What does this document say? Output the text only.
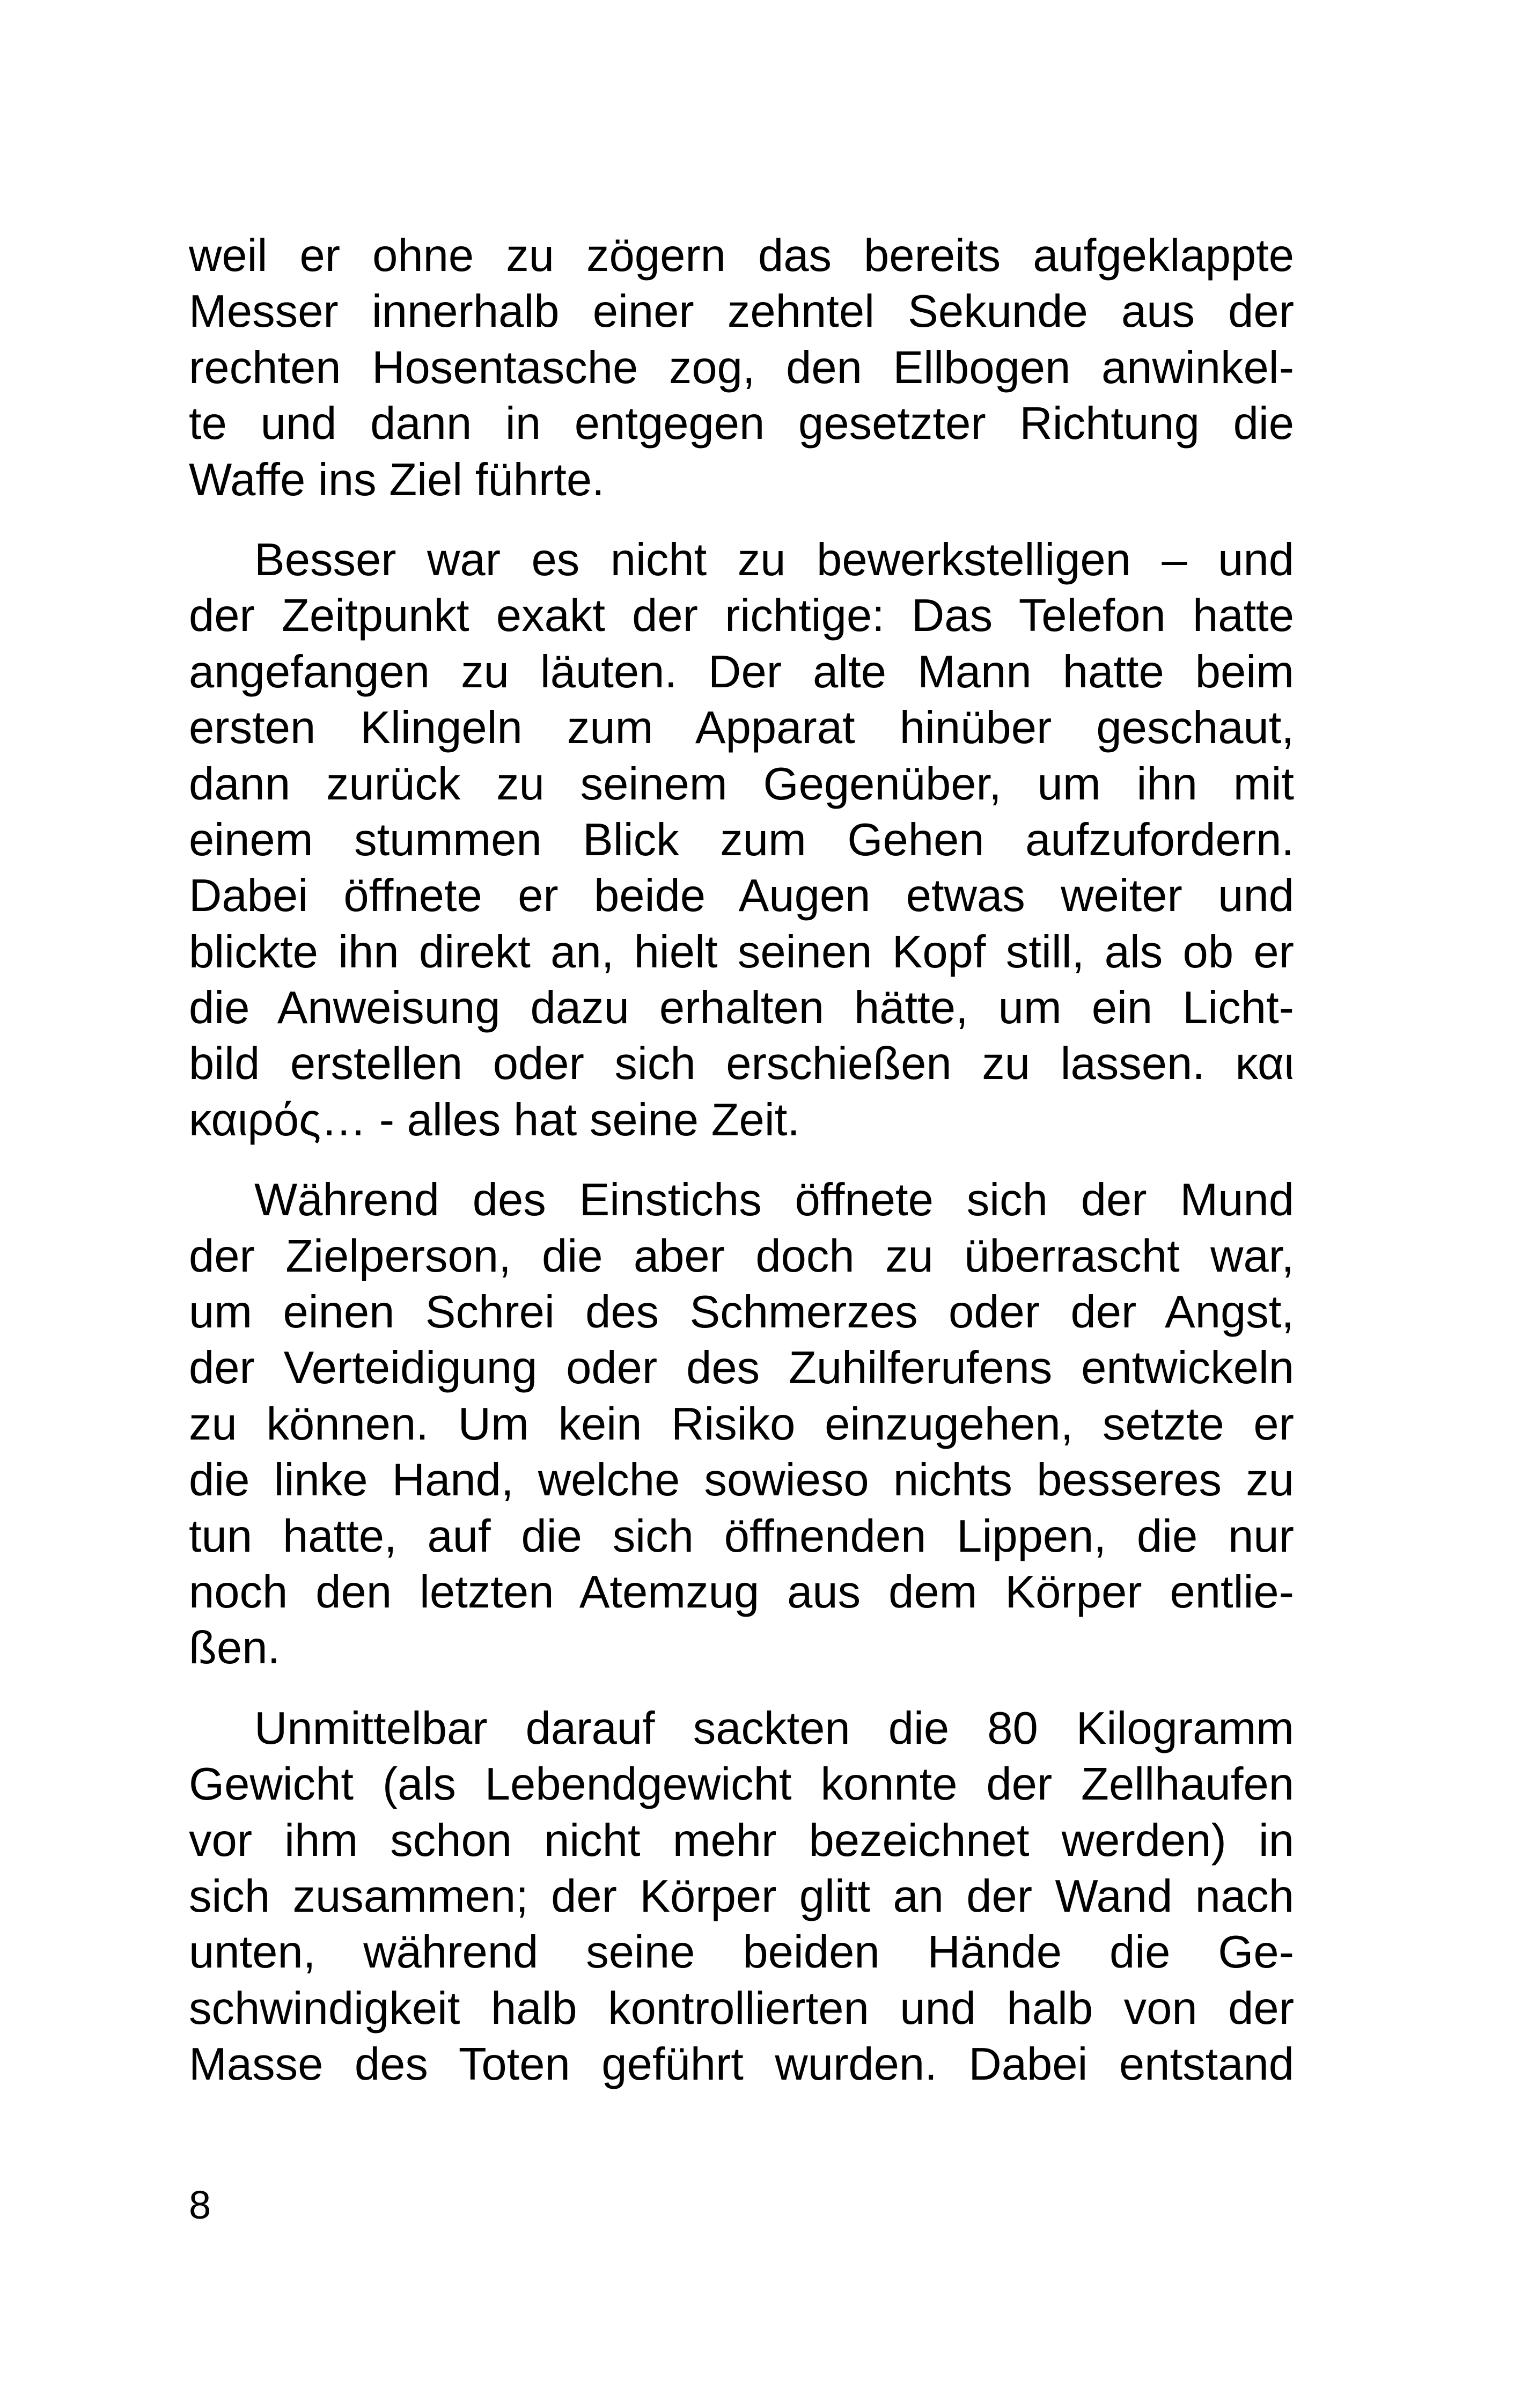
weil er ohne zu zögern das bereits aufgeklappte
Messer innerhalb einer zehntel Sekunde aus der
rechten Hosentasche zog, den Ellbogen anwinkel-
te und dann in entgegen gesetzter Richtung die
Waffe ins Ziel führte.
Besser war es nicht zu bewerkstelligen – und
der Zeitpunkt exakt der richtige: Das Telefon hatte
angefangen zu läuten. Der alte Mann hatte beim
ersten Klingeln zum Apparat hinüber geschaut,
dann zurück zu seinem Gegenüber, um ihn mit
einem stummen Blick zum Gehen aufzufordern.
Dabei öffnete er beide Augen etwas weiter und
blickte ihn direkt an, hielt seinen Kopf still, als ob er
die Anweisung dazu erhalten hätte, um ein Licht-
bild erstellen oder sich erschießen zu lassen. και
καιρός… - alles hat seine Zeit.
Während des Einstichs öffnete sich der Mund
der Zielperson, die aber doch zu überrascht war,
um einen Schrei des Schmerzes oder der Angst,
der Verteidigung oder des Zuhilferufens entwickeln
zu können. Um kein Risiko einzugehen, setzte er
die linke Hand, welche sowieso nichts besseres zu
tun hatte, auf die sich öffnenden Lippen, die nur
noch den letzten Atemzug aus dem Körper entlie-
ßen.
Unmittelbar darauf sackten die 80 Kilogramm
Gewicht (als Lebendgewicht konnte der Zellhaufen
vor ihm schon nicht mehr bezeichnet werden) in
sich zusammen; der Körper glitt an der Wand nach
unten, während seine beiden Hände die Ge-
schwindigkeit halb kontrollierten und halb von der
Masse des Toten geführt wurden. Dabei entstand
8
